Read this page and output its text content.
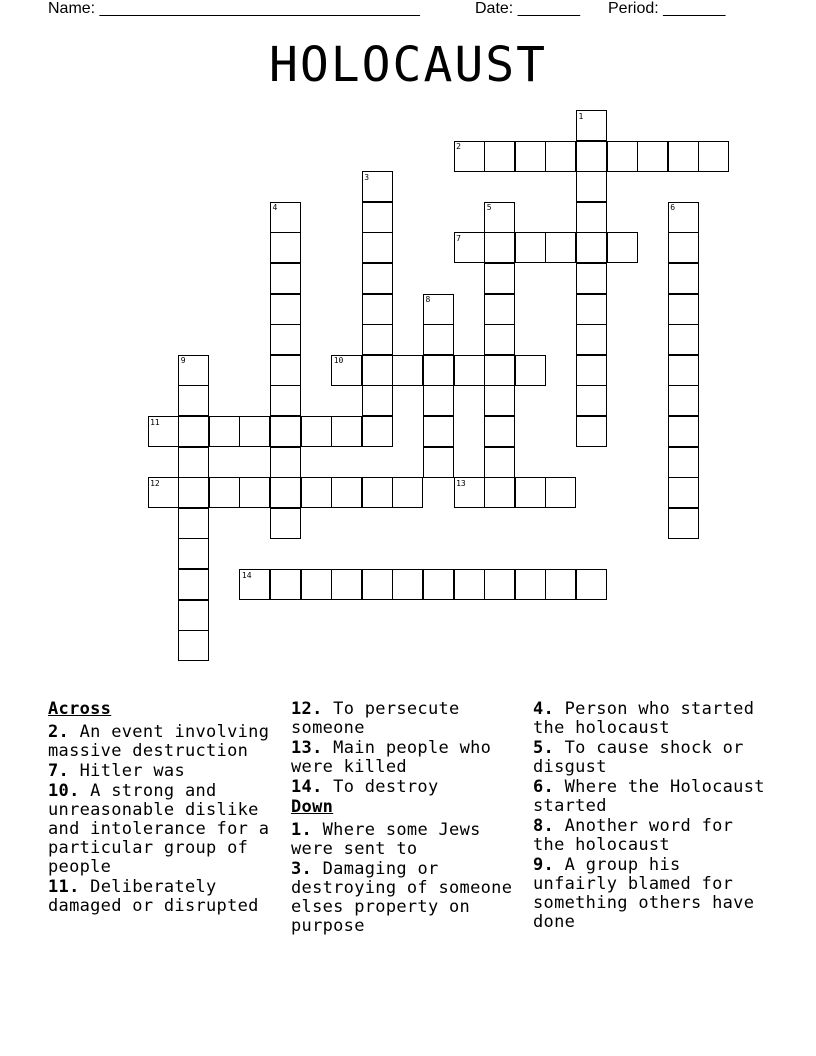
Name: ____________________________________	Date: _______ Period: _______
HOLOCAUST
1
2
3
4	5	6
7
8
9	10
11
12	13
14
Across
2. An event involving massive destruction
7. Hitler was
10. A strong and unreasonable dislike and intolerance for a particular group of people
11. Deliberately damaged or disrupted
12. To persecute someone
13. Main people who were killed
14. To destroy
Down
1. Where some Jews were sent to
3. Damaging or destroying of someone elses property on purpose
4. Person who started the holocaust
5. To cause shock or disgust
6. Where the Holocaust started
8. Another word for the holocaust
9. A group his unfairly blamed for something others have done
